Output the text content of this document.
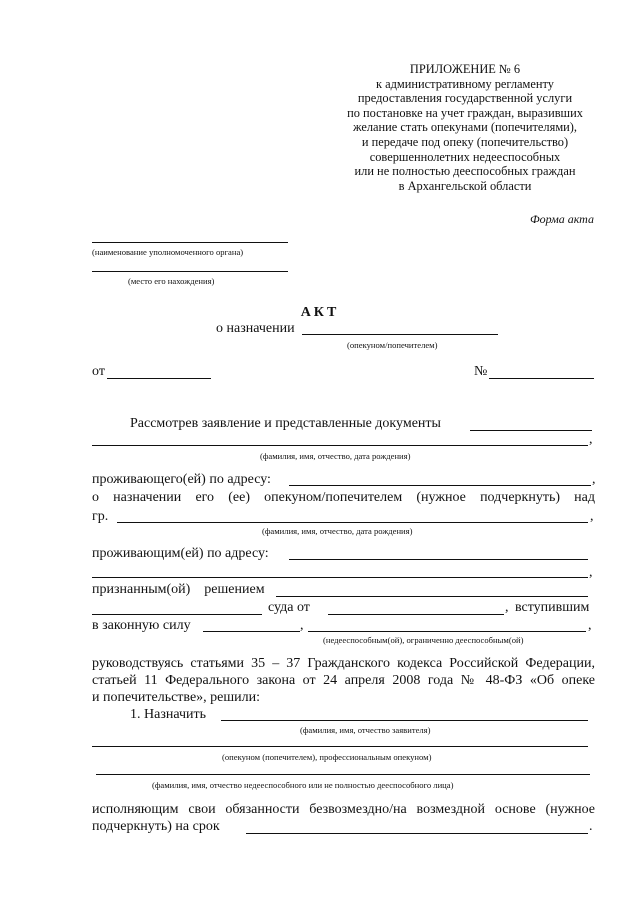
ПРИЛОЖЕНИЕ № 6
к административному регламенту
предоставления государственной услуги
по постановке на учет граждан, выразивших
желание стать опекунами (попечителями),
и передаче под опеку (попечительство)
совершеннолетних недееспособных
или не полностью дееспособных граждан
в Архангельской области
Форма акта
(наименование уполномоченного органа)
(место его нахождения)
АКТ
о назначении
(опекуном/попечителем)
от	№
Рассмотрев заявление и представленные документы
,
(фамилия, имя, отчество, дата рождения)
проживающего(ей) по адресу:	,
о назначении его (ее) опекуном/попечителем (нужное подчеркнуть) над
гр.	,
(фамилия, имя, отчество, дата рождения)
проживающим(ей) по адресу:
,
признанным(ой)    решением
суда от	, вступившим
в законную силу	,	,
(недееспособным(ой), ограниченно дееспособным(ой)
руководствуясь статьями 35 – 37 Гражданского кодекса Российской Федерации,
статьей 11 Федерального закона от 24 апреля 2008 года № 48-ФЗ «Об опеке
и попечительстве», решили:
1. Назначить
(фамилия, имя, отчество заявителя)
(опекуном (попечителем), профессиональным опекуном)
(фамилия, имя, отчество недееспособного или не полностью дееспособного лица)
исполняющим свои обязанности безвозмездно/на возмездной основе (нужное
подчеркнуть) на срок	.
